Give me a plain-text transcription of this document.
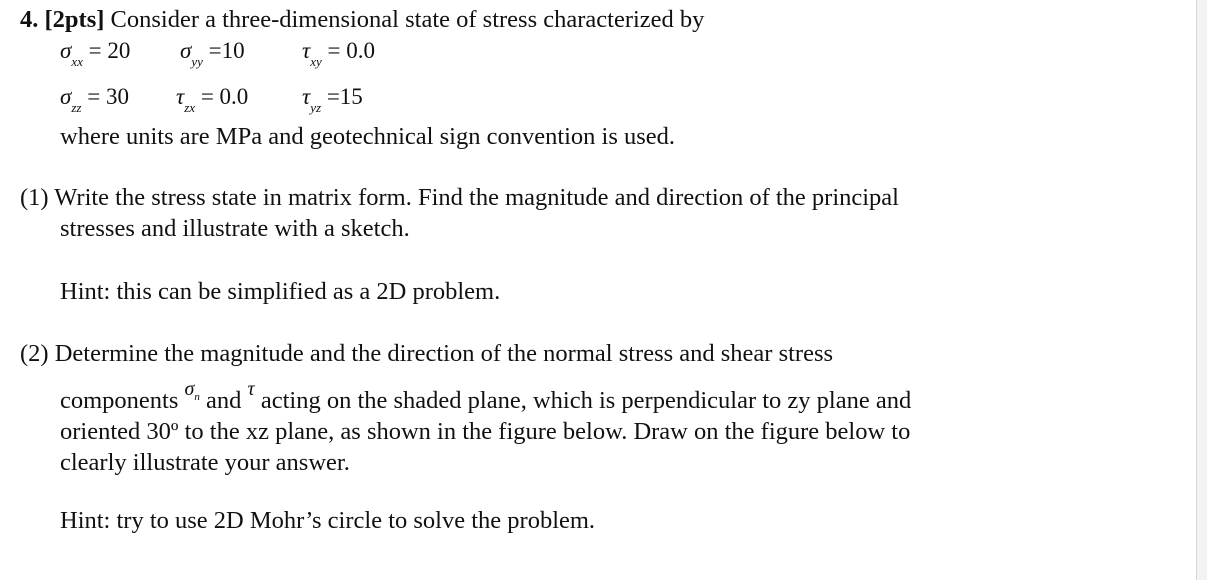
4. [2pts] Consider a three-dimensional state of stress characterized by
$\sigma_{xx} = 20$ $\sigma_{yy} =10$ $\tau_{xy} = 0.0$
$\sigma_{zz} = 30$ $\tau_{zx} = 0.0$ $\tau_{yz} =15$
where units are MPa and geotechnical sign convention is used.
(1) Write the stress state in matrix form. Find the magnitude and direction of the principal
stresses and illustrate with a sketch.
Hint: this can be simplified as a 2D problem.
(2) Determine the magnitude and the direction of the normal stress and shear stress
components $^{\sigma_n}$ and $^\tau$ acting on the shaded plane, which is perpendicular to zy plane and
oriented 30º to the xz plane, as shown in the figure below. Draw on the figure below to
clearly illustrate your answer.
Hint: try to use 2D Mohr’s circle to solve the problem.
